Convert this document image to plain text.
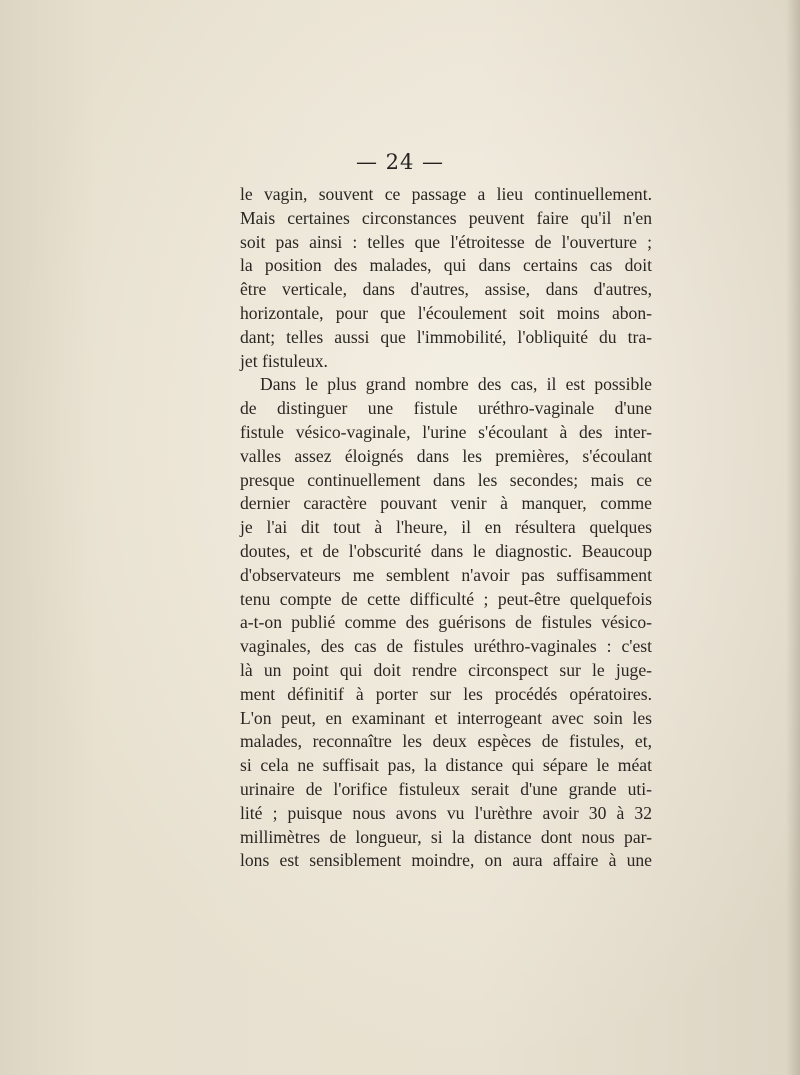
— 24 —
le vagin, souvent ce passage a lieu continuellement.
Mais certaines circonstances peuvent faire qu'il n'en
soit pas ainsi : telles que l'étroitesse de l'ouverture ;
la position des malades, qui dans certains cas doit
être verticale, dans d'autres, assise, dans d'autres,
horizontale, pour que l'écoulement soit moins abon-
dant; telles aussi que l'immobilité, l'obliquité du tra-
jet fistuleux.
Dans le plus grand nombre des cas, il est possible
de distinguer une fistule uréthro-vaginale d'une
fistule vésico-vaginale, l'urine s'écoulant à des inter-
valles assez éloignés dans les premières, s'écoulant
presque continuellement dans les secondes; mais ce
dernier caractère pouvant venir à manquer, comme
je l'ai dit tout à l'heure, il en résultera quelques
doutes, et de l'obscurité dans le diagnostic. Beaucoup
d'observateurs me semblent n'avoir pas suffisamment
tenu compte de cette difficulté ; peut-être quelquefois
a-t-on publié comme des guérisons de fistules vésico-
vaginales, des cas de fistules uréthro-vaginales : c'est
là un point qui doit rendre circonspect sur le juge-
ment définitif à porter sur les procédés opératoires.
L'on peut, en examinant et interrogeant avec soin les
malades, reconnaître les deux espèces de fistules, et,
si cela ne suffisait pas, la distance qui sépare le méat
urinaire de l'orifice fistuleux serait d'une grande uti-
lité ; puisque nous avons vu l'urèthre avoir 30 à 32
millimètres de longueur, si la distance dont nous par-
lons est sensiblement moindre, on aura affaire à une
